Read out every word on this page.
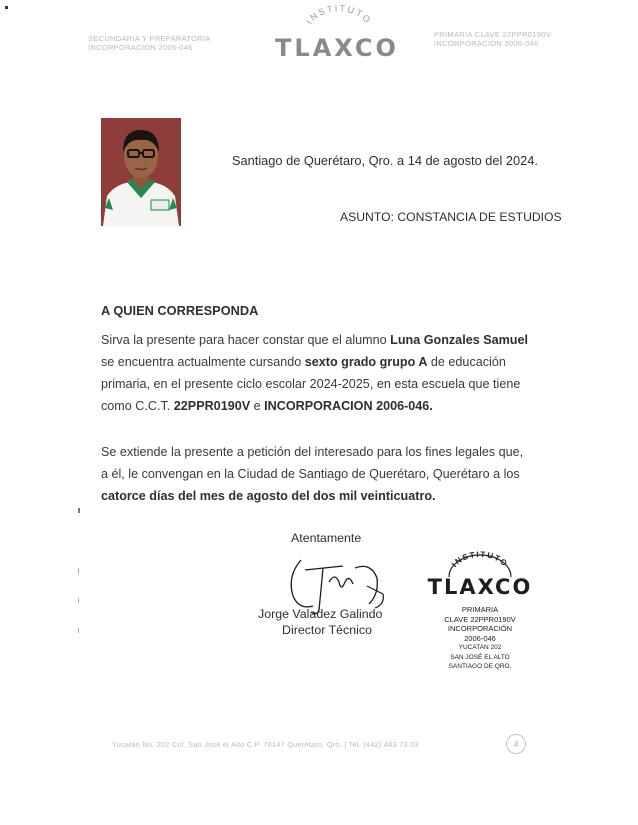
SECUNDARIA Y PREPARATORIA
INCORPORACION 2006-046
INSTITUTO
TLAXCO	PRIMARIA CLAVE 22PPR0190V
INCORPORACION 2006-046
Santiago de Querétaro, Qro. a 14 de agosto del 2024.
ASUNTO: CONSTANCIA DE ESTUDIOS
A QUIEN CORRESPONDA
Sirva la presente para hacer constar que el alumno Luna Gonzales Samuel
se encuentra actualmente cursando sexto grado grupo A de educación
primaria, en el presente ciclo escolar 2024-2025, en esta escuela que tiene
como C.C.T. 22PPR0190V e INCORPORACION 2006-046.
Se extiende la presente a petición del interesado para los fines legales que,
a él, le convengan en la Ciudad de Santiago de Querétaro, Querétaro a los
catorce días del mes de agosto del dos mil veinticuatro.
Atentamente
Jorge Valadez Galindo
Director Técnico
INSTITUTO
TLAXCO
PRIMARIA
CLAVE 22PPR0190V
INCORPORACIÓN
2006-046
YUCATAN 202
SAN JOSÉ EL ALTO
SANTIAGO DE QRO.
Yucatán No. 202 Col. San José el Alto C.P. 76147 Querétaro, Qro. | Tel. (442) 483 73 03	4
